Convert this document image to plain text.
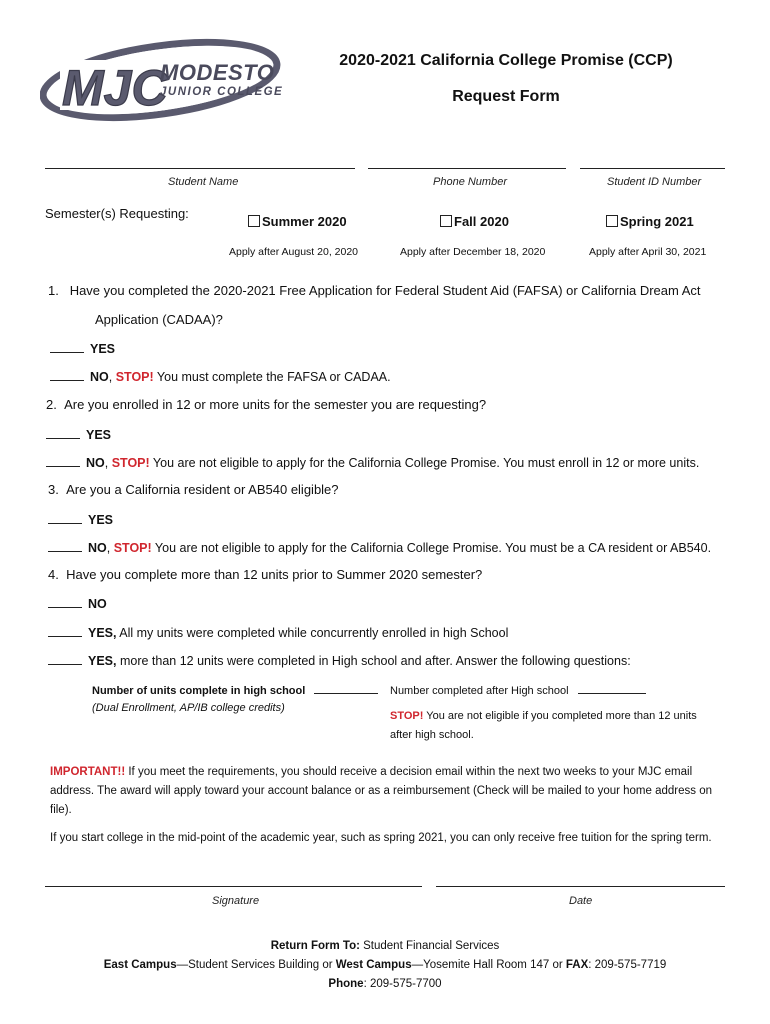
MJC
MODESTO
JUNIOR COLLEGE
2020-2021 California College Promise (CCP)
Request Form
Student Name	Phone Number	Student ID Number
Semester(s) Requesting:
Summer 2020	Fall 2020	Spring 2021
Apply after August 20, 2020	Apply after December 18, 2020	Apply after April 30, 2021
1. Have you completed the 2020-2021 Free Application for Federal Student Aid (FAFSA) or California Dream Act
Application (CADAA)?
YES
NO, STOP! You must complete the FAFSA or CADAA.
2. Are you enrolled in 12 or more units for the semester you are requesting?
YES
NO, STOP! You are not eligible to apply for the California College Promise. You must enroll in 12 or more units.
3. Are you a California resident or AB540 eligible?
YES
NO, STOP! You are not eligible to apply for the California College Promise. You must be a CA resident or AB540.
4. Have you complete more than 12 units prior to Summer 2020 semester?
NO
YES, All my units were completed while concurrently enrolled in high School
YES, more than 12 units were completed in High school and after. Answer the following questions:
Number of units complete in high school
(Dual Enrollment, AP/IB college credits)
Number completed after High school
STOP! You are not eligible if you completed more than 12 units
after high school.
IMPORTANT!! If you meet the requirements, you should receive a decision email within the next two weeks to your MJC email
address. The award will apply toward your account balance or as a reimbursement (Check will be mailed to your home address on
file).
If you start college in the mid-point of the academic year, such as spring 2021, you can only receive free tuition for the spring term.
Signature	Date
Return Form To: Student Financial Services
East Campus—Student Services Building or West Campus—Yosemite Hall Room 147 or FAX: 209-575-7719
Phone: 209-575-7700
